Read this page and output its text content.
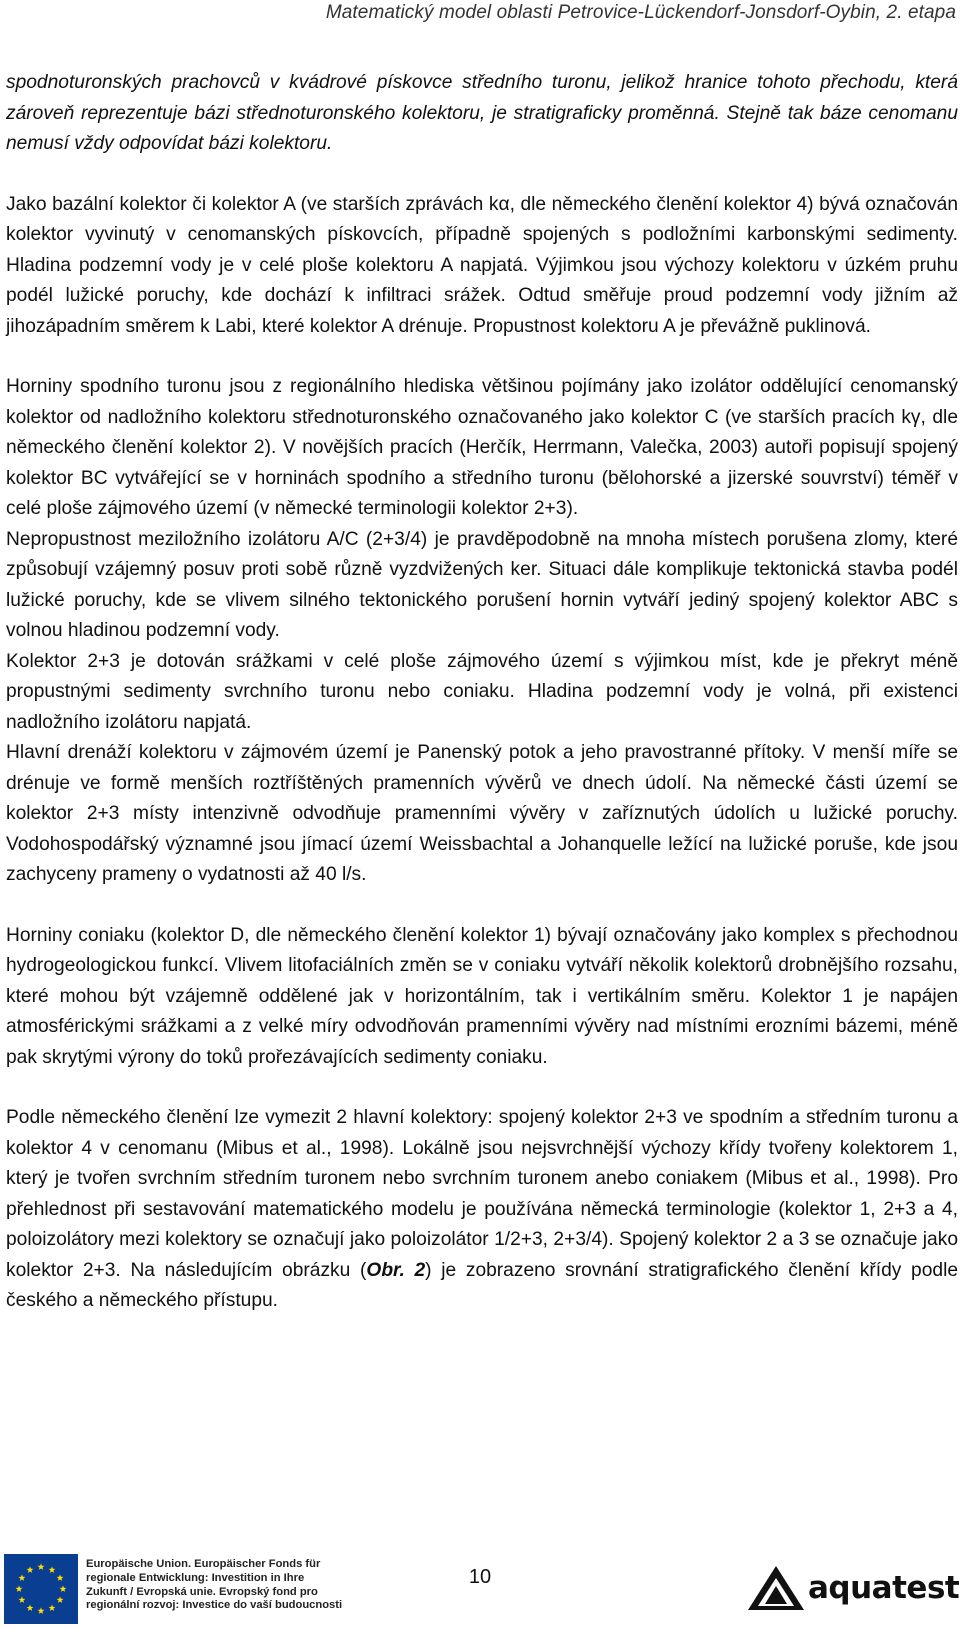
Matematický model oblasti Petrovice-Lückendorf-Jonsdorf-Oybin, 2. etapa

spodnoturonských prachovců v kvádrové pískovce středního turonu, jelikož hranice tohoto přechodu, která zároveň reprezentuje bázi střednoturonského kolektoru, je stratigraficky proměnná. Stejně tak báze cenomanu nemusí vždy odpovídat bázi kolektoru.

Jako bazální kolektor či kolektor A (ve starších zprávách kα, dle německého členění kolektor 4) bývá označován kolektor vyvinutý v cenomanských pískovcích, případně spojených s podložními karbonskými sedimenty. Hladina podzemní vody je v celé ploše kolektoru A napjatá. Výjimkou jsou výchozy kolektoru v úzkém pruhu podél lužické poruchy, kde dochází k infiltraci srážek. Odtud směřuje proud podzemní vody jižním až jihozápadním směrem k Labi, které kolektor A drénuje. Propustnost kolektoru A je převážně puklinová.

Horniny spodního turonu jsou z regionálního hlediska většinou pojímány jako izolátor oddělující cenomanský kolektor od nadložního kolektoru střednoturonského označovaného jako kolektor C (ve starších pracích kγ, dle německého členění kolektor 2). V novějších pracích (Herčík, Herrmann, Valečka, 2003) autoři popisují spojený kolektor BC vytvářející se v horninách spodního a středního turonu (bělohorské a jizerské souvrství) téměř v celé ploše zájmového území (v německé terminologii kolektor 2+3).

Nepropustnost meziložního izolátoru A/C (2+3/4) je pravděpodobně na mnoha místech porušena zlomy, které způsobují vzájemný posuv proti sobě různě vyzdvižených ker. Situaci dále komplikuje tektonická stavba podél lužické poruchy, kde se vlivem silného tektonického porušení hornin vytváří jediný spojený kolektor ABC s volnou hladinou podzemní vody.

Kolektor 2+3 je dotován srážkami v celé ploše zájmového území s výjimkou míst, kde je překryt méně propustnými sedimenty svrchního turonu nebo coniaku. Hladina podzemní vody je volná, při existenci nadložního izolátoru napjatá.

Hlavní drenáží kolektoru v zájmovém území je Panenský potok a jeho pravostranné přítoky. V menší míře se drénuje ve formě menších roztříštěných pramenních vývěrů ve dnech údolí. Na německé části území se kolektor 2+3 místy intenzivně odvodňuje pramenními vývěry v zaříznutých údolích u lužické poruchy. Vodohospodářský významné jsou jímací území Weissbachtal a Johanquelle ležící na lužické poruše, kde jsou zachyceny prameny o vydatnosti až 40 l/s.

Horniny coniaku (kolektor D, dle německého členění kolektor 1) bývají označovány jako komplex s přechodnou hydrogeologickou funkcí. Vlivem litofaciálních změn se v coniaku vytváří několik kolektorů drobnějšího rozsahu, které mohou být vzájemně oddělené jak v horizontálním, tak i vertikálním směru. Kolektor 1 je napájen atmosférickými srážkami a z velké míry odvodňován pramenními vývěry nad místními erozními bázemi, méně pak skrytými výrony do toků prořezávajících sedimenty coniaku.

Podle německého členění lze vymezit 2 hlavní kolektory: spojený kolektor 2+3 ve spodním a středním turonu a kolektor 4 v cenomanu (Mibus et al., 1998). Lokálně jsou nejsvrchnější výchozy křídy tvořeny kolektorem 1, který je tvořen svrchním středním turonem nebo svrchním turonem anebo coniakem (Mibus et al., 1998). Pro přehlednost při sestavování matematického modelu je používána německá terminologie (kolektor 1, 2+3 a 4, poloizolátory mezi kolektory se označují jako poloizolátor 1/2+3, 2+3/4). Spojený kolektor 2 a 3 se označuje jako kolektor 2+3. Na následujícím obrázku (Obr. 2) je zobrazeno srovnání stratigrafického členění křídy podle českého a německého přístupu.

Europäische Union. Europäischer Fonds für
regionale Entwicklung: Investition in Ihre
Zukunft / Evropská unie. Evropský fond pro
regionální rozvoj: Investice do vaší budoucnosti
10	aquatest
